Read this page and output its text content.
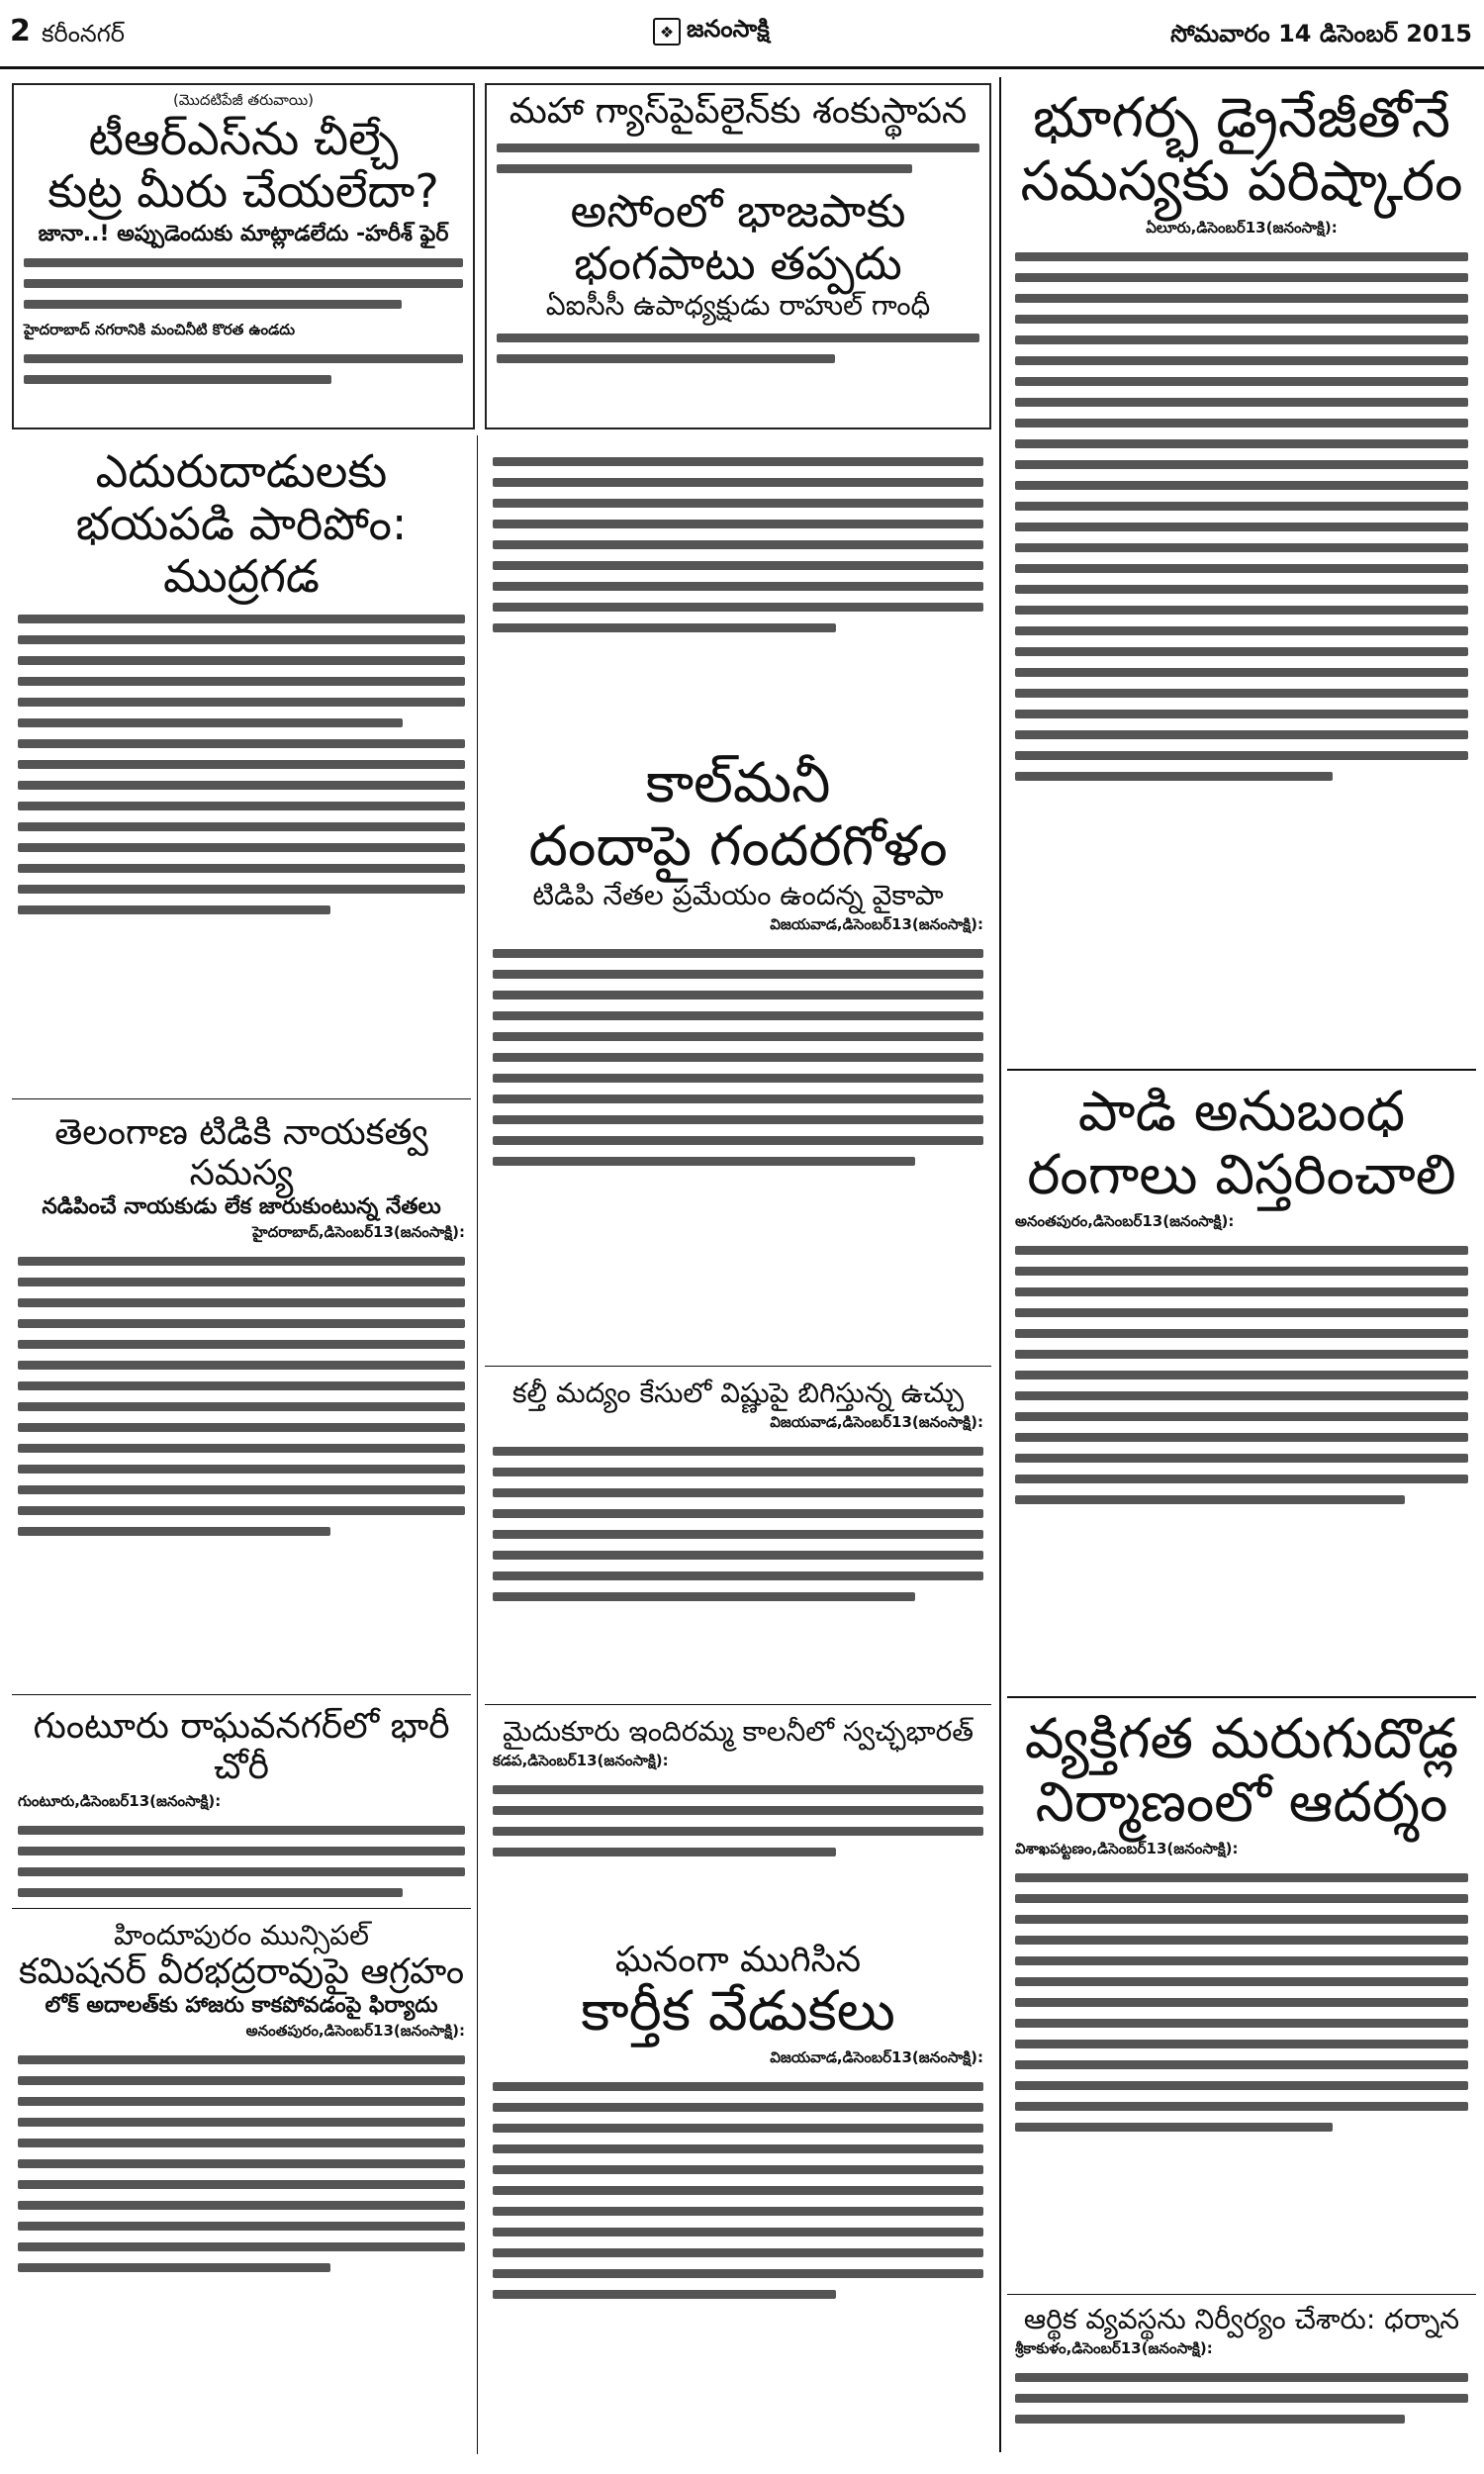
2 కరీంనగర్	❖ జనంసాక్షి	సోమవారం 14 డిసెంబర్ 2015
(మొదటిపేజీ తరువాయి)
టీఆర్‌ఎస్‌ను చీల్చే
కుట్ర మీరు చేయలేదా?
జానా..! అప్పుడెందుకు మాట్లాడలేదు -హరీశ్ ఫైర్
హైదరాబాద్ నగరానికి మంచినీటి కొరత ఉండదు
మహా గ్యాస్‌పైప్‌లైన్‌కు శంకుస్థాపన
అసోంలో భాజపాకు
భంగపాటు తప్పదు
ఏఐసీసీ ఉపాధ్యక్షుడు రాహుల్ గాంధీ
ఎదురుదాడులకు
భయపడి పారిపోం: ముద్రగడ
తెలంగాణ టిడికి నాయకత్వ సమస్య
నడిపించే నాయకుడు లేక జారుకుంటున్న నేతలు
హైదరాబాద్,డిసెంబర్13(జనంసాక్షి):
గుంటూరు రాఘవనగర్‌లో భారీ చోరీ
గుంటూరు,డిసెంబర్13(జనంసాక్షి):
హిందూపురం మున్సిపల్
కమిషనర్ వీరభద్రరావుపై ఆగ్రహం
లోక్ అదాలత్‌కు హాజరు కాకపోవడంపై ఫిర్యాదు
అనంతపురం,డిసెంబర్13(జనంసాక్షి):
కాల్‌మనీ
దందాపై గందరగోళం
టిడిపి నేతల ప్రమేయం ఉందన్న వైకాపా
విజయవాడ,డిసెంబర్13(జనంసాక్షి):
కల్తీ మద్యం కేసులో విష్ణుపై బిగిస్తున్న ఉచ్చు
విజయవాడ,డిసెంబర్13(జనంసాక్షి):
మైదుకూరు ఇందిరమ్మ కాలనీలో స్వచ్ఛభారత్
కడప,డిసెంబర్13(జనంసాక్షి):
ఘనంగా ముగిసిన
కార్తీక వేడుకలు
విజయవాడ,డిసెంబర్13(జనంసాక్షి):
భూగర్భ డ్రైనేజీతోనే
సమస్యకు పరిష్కారం
ఏలూరు,డిసెంబర్13(జనంసాక్షి):
పాడి అనుబంధ
రంగాలు విస్తరించాలి
అనంతపురం,డిసెంబర్13(జనంసాక్షి):
వ్యక్తిగత మరుగుదొడ్ల
నిర్మాణంలో ఆదర్శం
విశాఖపట్టణం,డిసెంబర్13(జనంసాక్షి):
ఆర్థిక వ్యవస్థను నిర్వీర్యం చేశారు: ధర్నాన
శ్రీకాకుళం,డిసెంబర్13(జనంసాక్షి):
